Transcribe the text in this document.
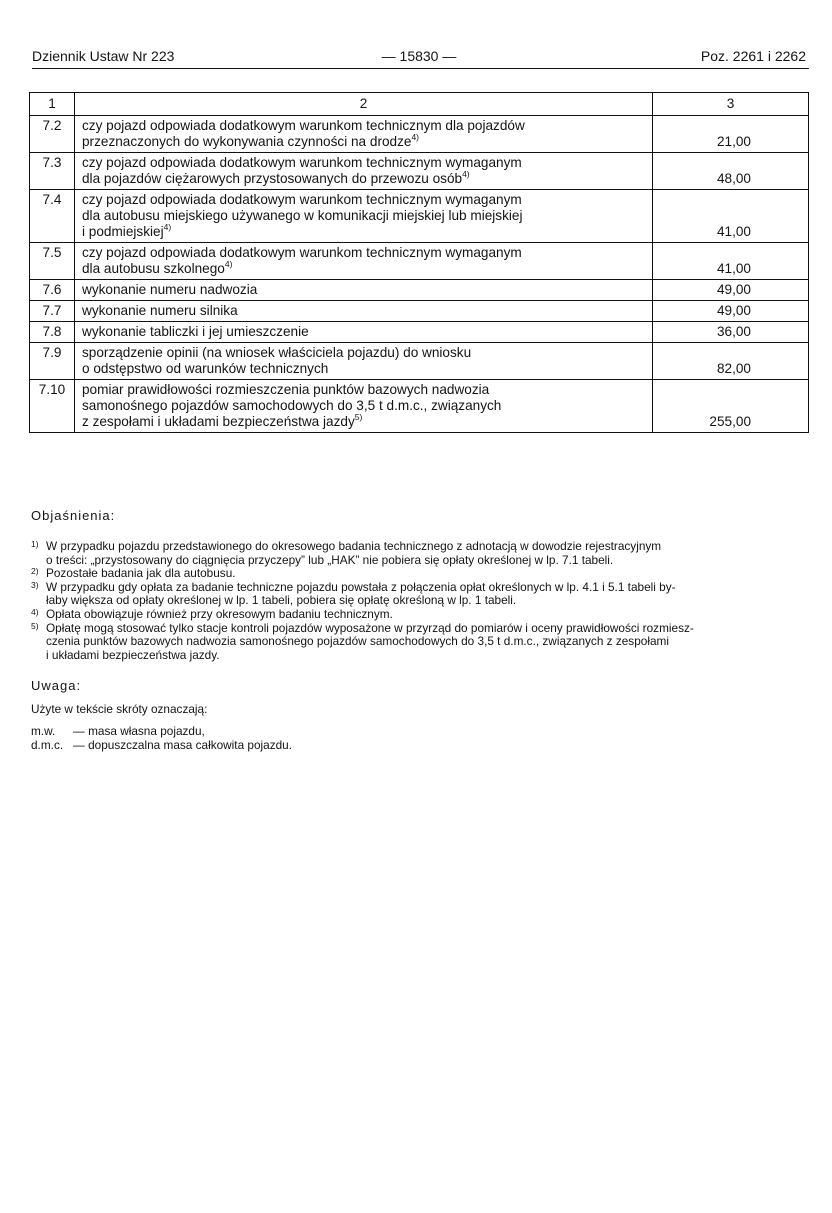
Dziennik Ustaw Nr 223	— 15830 —	Poz. 2261 i 2262
1	2	3
7.2	czy pojazd odpowiada dodatkowym warunkom technicznym dla pojazdów
przeznaczonych do wykonywania czynności na drodze$^{4)}$	21,00
7.3	czy pojazd odpowiada dodatkowym warunkom technicznym wymaganym
dla pojazdów ciężarowych przystosowanych do przewozu osób$^{4)}$	48,00
7.4	czy pojazd odpowiada dodatkowym warunkom technicznym wymaganym
dla autobusu miejskiego używanego w komunikacji miejskiej lub miejskiej
i podmiejskiej$^{4)}$	41,00
7.5	czy pojazd odpowiada dodatkowym warunkom technicznym wymaganym
dla autobusu szkolnego$^{4)}$	41,00
7.6	wykonanie numeru nadwozia	49,00
7.7	wykonanie numeru silnika	49,00
7.8	wykonanie tabliczki i jej umieszczenie	36,00
7.9	sporządzenie opinii (na wniosek właściciela pojazdu) do wniosku
o odstępstwo od warunków technicznych	82,00
7.10	pomiar prawidłowości rozmieszczenia punktów bazowych nadwozia
samonośnego pojazdów samochodowych do 3,5 t d.m.c., związanych
z zespołami i układami bezpieczeństwa jazdy$^{5)}$	255,00
Objaśnienia:
1) W przypadku pojazdu przedstawionego do okresowego badania technicznego z adnotacją w dowodzie rejestracyjnym
o treści: „przystosowany do ciągnięcia przyczepy” lub „HAK” nie pobiera się opłaty określonej w lp. 7.1 tabeli.
2) Pozostałe badania jak dla autobusu.
3) W przypadku gdy opłata za badanie techniczne pojazdu powstała z połączenia opłat określonych w lp. 4.1 i 5.1 tabeli by-
łaby większa od opłaty określonej w lp. 1 tabeli, pobiera się opłatę określoną w lp. 1 tabeli.
4) Opłata obowiązuje również przy okresowym badaniu technicznym.
5) Opłatę mogą stosować tylko stacje kontroli pojazdów wyposażone w przyrząd do pomiarów i oceny prawidłowości rozmiesz-
czenia punktów bazowych nadwozia samonośnego pojazdów samochodowych do 3,5 t d.m.c., związanych z zespołami
i układami bezpieczeństwa jazdy.
Uwaga:
Użyte w tekście skróty oznaczają:
m.w. — masa własna pojazdu,
d.m.c. — dopuszczalna masa całkowita pojazdu.
